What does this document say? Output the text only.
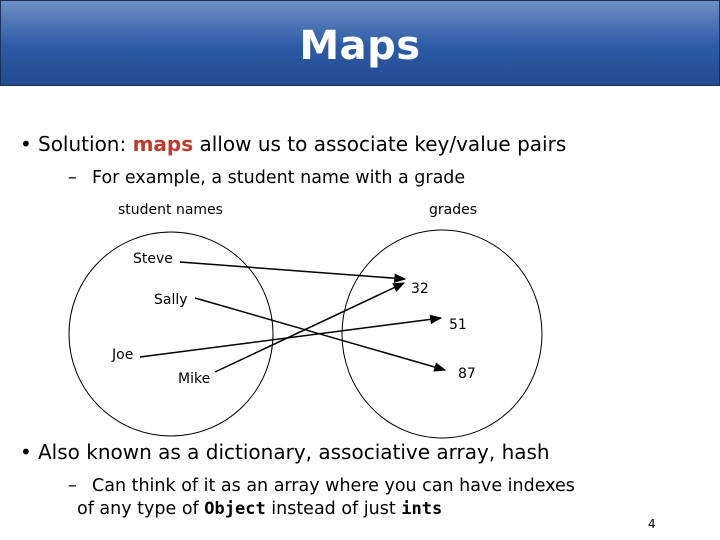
Maps
• Solution: maps allow us to associate key/value pairs
– For example, a student name with a grade
student names	grades
Steve
Sally
Joe
Mike
32
51
87
• Also known as a dictionary, associative array, hash
– Can think of it as an array where you can have indexes
of any type of Object instead of just ints
4
